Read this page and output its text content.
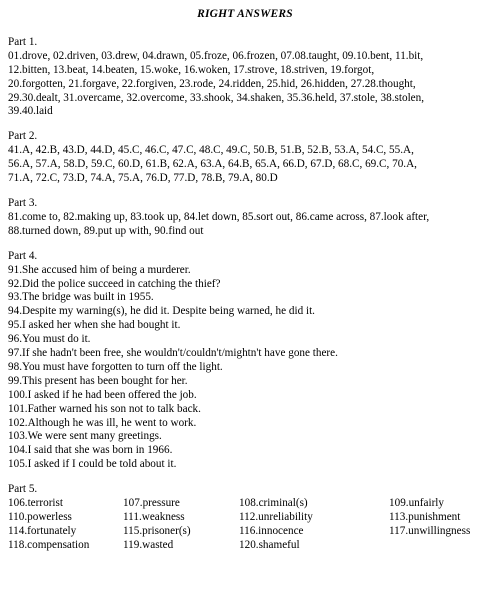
RIGHT ANSWERS
Part 1.
01.drove, 02.driven, 03.drew, 04.drawn, 05.froze, 06.frozen, 07.08.taught, 09.10.bent, 11.bit,
12.bitten, 13.beat, 14.beaten, 15.woke, 16.woken, 17.strove, 18.striven, 19.forgot,
20.forgotten, 21.forgave, 22.forgiven, 23.rode, 24.ridden, 25.hid, 26.hidden, 27.28.thought,
29.30.dealt, 31.overcame, 32.overcome, 33.shook, 34.shaken, 35.36.held, 37.stole, 38.stolen,
39.40.laid
Part 2.
41.A, 42.B, 43.D, 44.D, 45.C, 46.C, 47.C, 48.C, 49.C, 50.B, 51.B, 52.B, 53.A, 54.C, 55.A,
56.A, 57.A, 58.D, 59.C, 60.D, 61.B, 62.A, 63.A, 64.B, 65.A, 66.D, 67.D, 68.C, 69.C, 70.A,
71.A, 72.C, 73.D, 74.A, 75.A, 76.D, 77.D, 78.B, 79.A, 80.D
Part 3.
81.come to, 82.making up, 83.took up, 84.let down, 85.sort out, 86.came across, 87.look after,
88.turned down, 89.put up with, 90.find out
Part 4.
91.She accused him of being a murderer.
92.Did the police succeed in catching the thief?
93.The bridge was built in 1955.
94.Despite my warning(s), he did it. Despite being warned, he did it.
95.I asked her when she had bought it.
96.You must do it.
97.If she hadn't been free, she wouldn't/couldn't/mightn't have gone there.
98.You must have forgotten to turn off the light.
99.This present has been bought for her.
100.I asked if he had been offered the job.
101.Father warned his son not to talk back.
102.Although he was ill, he went to work.
103.We were sent many greetings.
104.I said that she was born in 1966.
105.I asked if I could be told about it.
Part 5.
106.terrorist	107.pressure	108.criminal(s)	109.unfairly
110.powerless	111.weakness	112.unreliability	113.punishment
114.fortunately	115.prisoner(s)	116.innocence	117.unwillingness
118.compensation	119.wasted	120.shameful
